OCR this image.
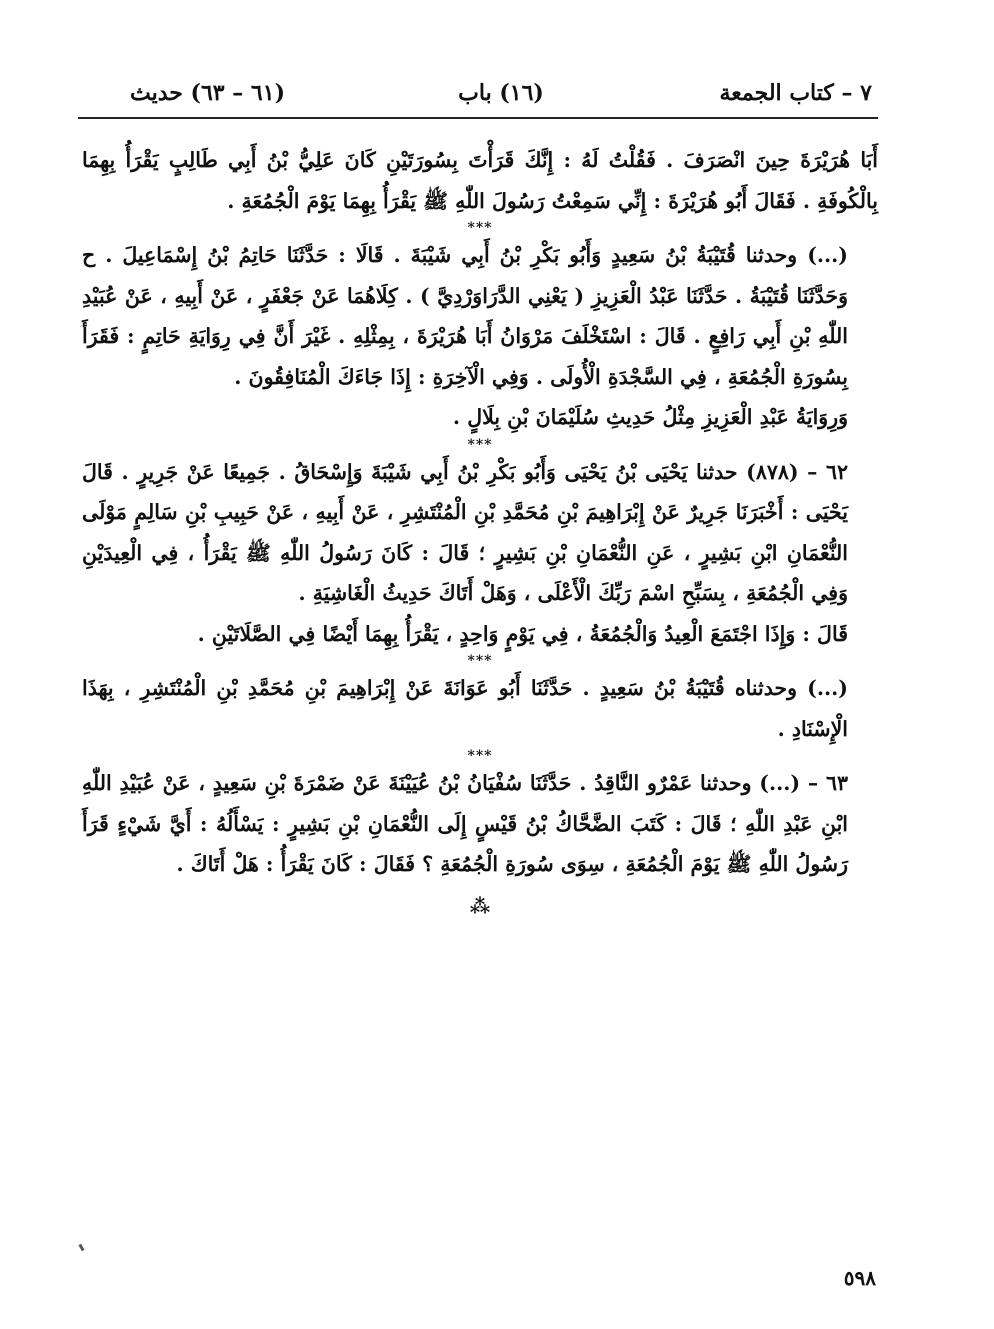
٧ – كتاب الجمعة
(١٦) باب
(٦١ – ٦٣) حديث

أَبَا هُرَيْرَةَ حِينَ انْصَرَفَ . فَقُلْتُ لَهُ : إِنَّكَ قَرَأْتَ بِسُورَتَيْنِ كَانَ عَلِيُّ بْنُ أَبِي طَالِبٍ يَقْرَأُ بِهِمَا بِالْكُوفَةِ . فَقَالَ أَبُو هُرَيْرَةَ : إِنِّي سَمِعْتُ رَسُولَ اللّٰهِ ﷺ يَقْرَأُ بِهِمَا يَوْمَ الْجُمُعَةِ .

***

(...) وحدثنا قُتَيْبَةُ بْنُ سَعِيدٍ وَأَبُو بَكْرِ بْنُ أَبِي شَيْبَةَ . قَالَا : حَدَّثَنَا حَاتِمُ بْنُ إِسْمَاعِيلَ . ح وَحَدَّثَنَا قُتَيْبَةُ . حَدَّثَنَا عَبْدُ الْعَزِيزِ ( يَعْنِي الدَّرَاوَرْدِيَّ ) . كِلَاهُمَا عَنْ جَعْفَرٍ ، عَنْ أَبِيهِ ، عَنْ عُبَيْدِ اللّٰهِ بْنِ أَبِي رَافِعٍ . قَالَ : اسْتَخْلَفَ مَرْوَانُ أَبَا هُرَيْرَةَ ، بِمِثْلِهِ . غَيْرَ أَنَّ فِي رِوَايَةِ حَاتِمٍ : فَقَرَأَ بِسُورَةِ الْجُمُعَةِ ، فِي السَّجْدَةِ الْأُولَى . وَفِي الْآخِرَةِ : إِذَا جَاءَكَ الْمُنَافِقُونَ .

وَرِوَايَةُ عَبْدِ الْعَزِيزِ مِثْلُ حَدِيثِ سُلَيْمَانَ بْنِ بِلَالٍ .

***

٦٢ – (٨٧٨) حدثنا يَحْيَى بْنُ يَحْيَى وَأَبُو بَكْرِ بْنُ أَبِي شَيْبَةَ وَإِسْحَاقُ . جَمِيعًا عَنْ جَرِيرٍ . قَالَ يَحْيَى : أَخْبَرَنَا جَرِيرٌ عَنْ إِبْرَاهِيمَ بْنِ مُحَمَّدِ بْنِ الْمُنْتَشِرِ ، عَنْ أَبِيهِ ، عَنْ حَبِيبِ بْنِ سَالِمٍ مَوْلَى النُّعْمَانِ ابْنِ بَشِيرٍ ، عَنِ النُّعْمَانِ بْنِ بَشِيرٍ ؛ قَالَ : كَانَ رَسُولُ اللّٰهِ ﷺ يَقْرَأُ ، فِي الْعِيدَيْنِ وَفِي الْجُمُعَةِ ، بِسَبِّحِ اسْمَ رَبِّكَ الْأَعْلَى ، وَهَلْ أَتَاكَ حَدِيثُ الْغَاشِيَةِ .

قَالَ : وَإِذَا اجْتَمَعَ الْعِيدُ وَالْجُمُعَةُ ، فِي يَوْمٍ وَاحِدٍ ، يَقْرَأُ بِهِمَا أَيْضًا فِي الصَّلَاتَيْنِ .

***

(...) وحدثناه قُتَيْبَةُ بْنُ سَعِيدٍ . حَدَّثَنَا أَبُو عَوَانَةَ عَنْ إِبْرَاهِيمَ بْنِ مُحَمَّدِ بْنِ الْمُنْتَشِرِ ، بِهَذَا الْإِسْنَادِ .

***

٦٣ – (...) وحدثنا عَمْرٌو النَّاقِدُ . حَدَّثَنَا سُفْيَانُ بْنُ عُيَيْنَةَ عَنْ ضَمْرَةَ بْنِ سَعِيدٍ ، عَنْ عُبَيْدِ اللّٰهِ ابْنِ عَبْدِ اللّٰهِ ؛ قَالَ : كَتَبَ الضَّحَّاكُ بْنُ قَيْسٍ إِلَى النُّعْمَانِ بْنِ بَشِيرٍ : يَسْأَلُهُ : أَيَّ شَيْءٍ قَرَأَ رَسُولُ اللّٰهِ ﷺ يَوْمَ الْجُمُعَةِ ، سِوَى سُورَةِ الْجُمُعَةِ ؟ فَقَالَ : كَانَ يَقْرَأُ : هَلْ أَتَاكَ .

⁂
٥٩٨
